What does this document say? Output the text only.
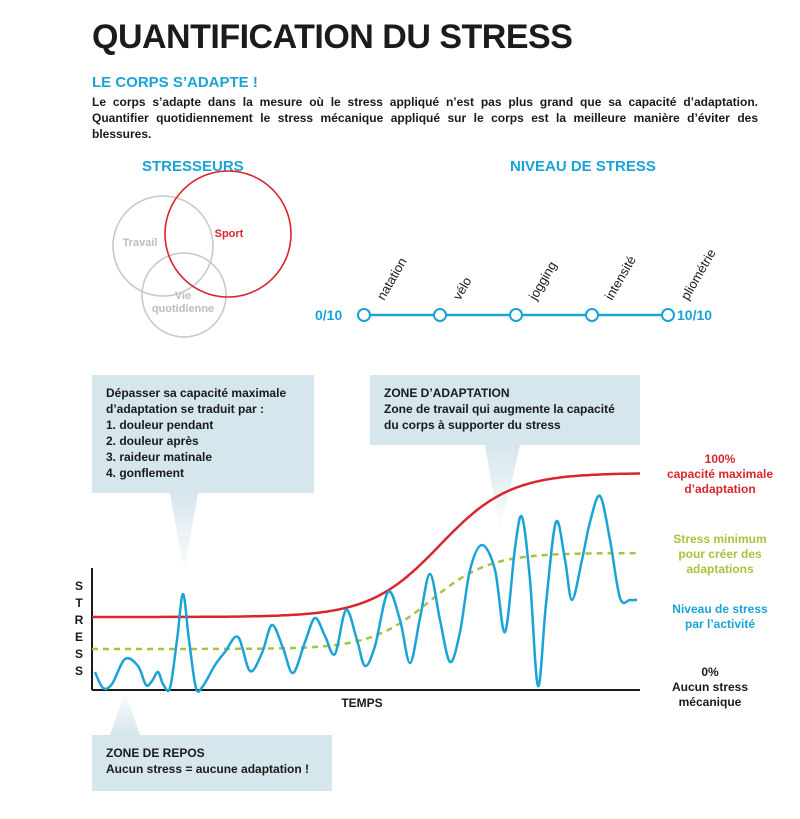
QUANTIFICATION DU STRESS
LE CORPS S’ADAPTE !
Le corps s’adapte dans la mesure où le stress appliqué n’est pas plus grand que sa capacité d’adaptation. Quantifier quotidiennement le stress mécanique appliqué sur le corps est la meilleure manière d’éviter des blessures.
STRESSEURS	NIVEAU DE STRESS
Travail
Sport
Vie
quotidienne	0/10
natation	vélo	jogging	intensité	pliométrie
10/10

Dépasser sa capacité maximale d’adaptation se traduit par :

1. douleur pendant
2. douleur après
3. raideur matinale
4. gonflement

ZONE D’ADAPTATION

Zone de travail qui augmente la capacité du corps à supporter du stress

ZONE DE REPOS

Aucun stress = aucune adaptation !

S
T
R
E
S
S
TEMPS
100%
capacité maximale
d’adaptation
Stress minimum
pour créer des
adaptations
Niveau de stress
par l’activité
0%
Aucun stress
mécanique
